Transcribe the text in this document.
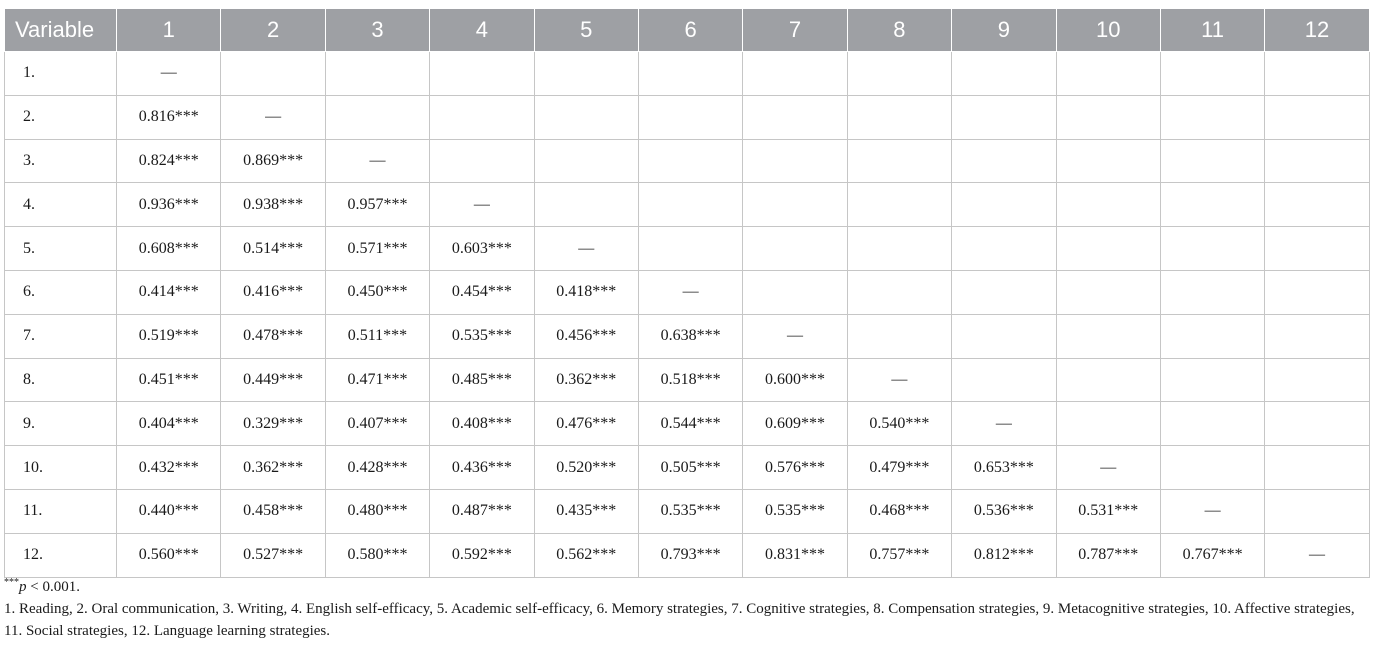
Variable	1	2	3	4	5	6	7	8	9	10	11	12
1.	—											
2.	0.816***	—										
3.	0.824***	0.869***	—									
4.	0.936***	0.938***	0.957***	—								
5.	0.608***	0.514***	0.571***	0.603***	—							
6.	0.414***	0.416***	0.450***	0.454***	0.418***	—						
7.	0.519***	0.478***	0.511***	0.535***	0.456***	0.638***	—					
8.	0.451***	0.449***	0.471***	0.485***	0.362***	0.518***	0.600***	—				
9.	0.404***	0.329***	0.407***	0.408***	0.476***	0.544***	0.609***	0.540***	—			
10.	0.432***	0.362***	0.428***	0.436***	0.520***	0.505***	0.576***	0.479***	0.653***	—		
11.	0.440***	0.458***	0.480***	0.487***	0.435***	0.535***	0.535***	0.468***	0.536***	0.531***	—	
12.	0.560***	0.527***	0.580***	0.592***	0.562***	0.793***	0.831***	0.757***	0.812***	0.787***	0.767***	—

***p < 0.001.

1. Reading, 2. Oral communication, 3. Writing, 4. English self-efficacy, 5. Academic self-efficacy, 6. Memory strategies, 7. Cognitive strategies, 8. Compensation strategies, 9. Metacognitive strategies, 10. Affective strategies, 11. Social strategies, 12. Language learning strategies.
